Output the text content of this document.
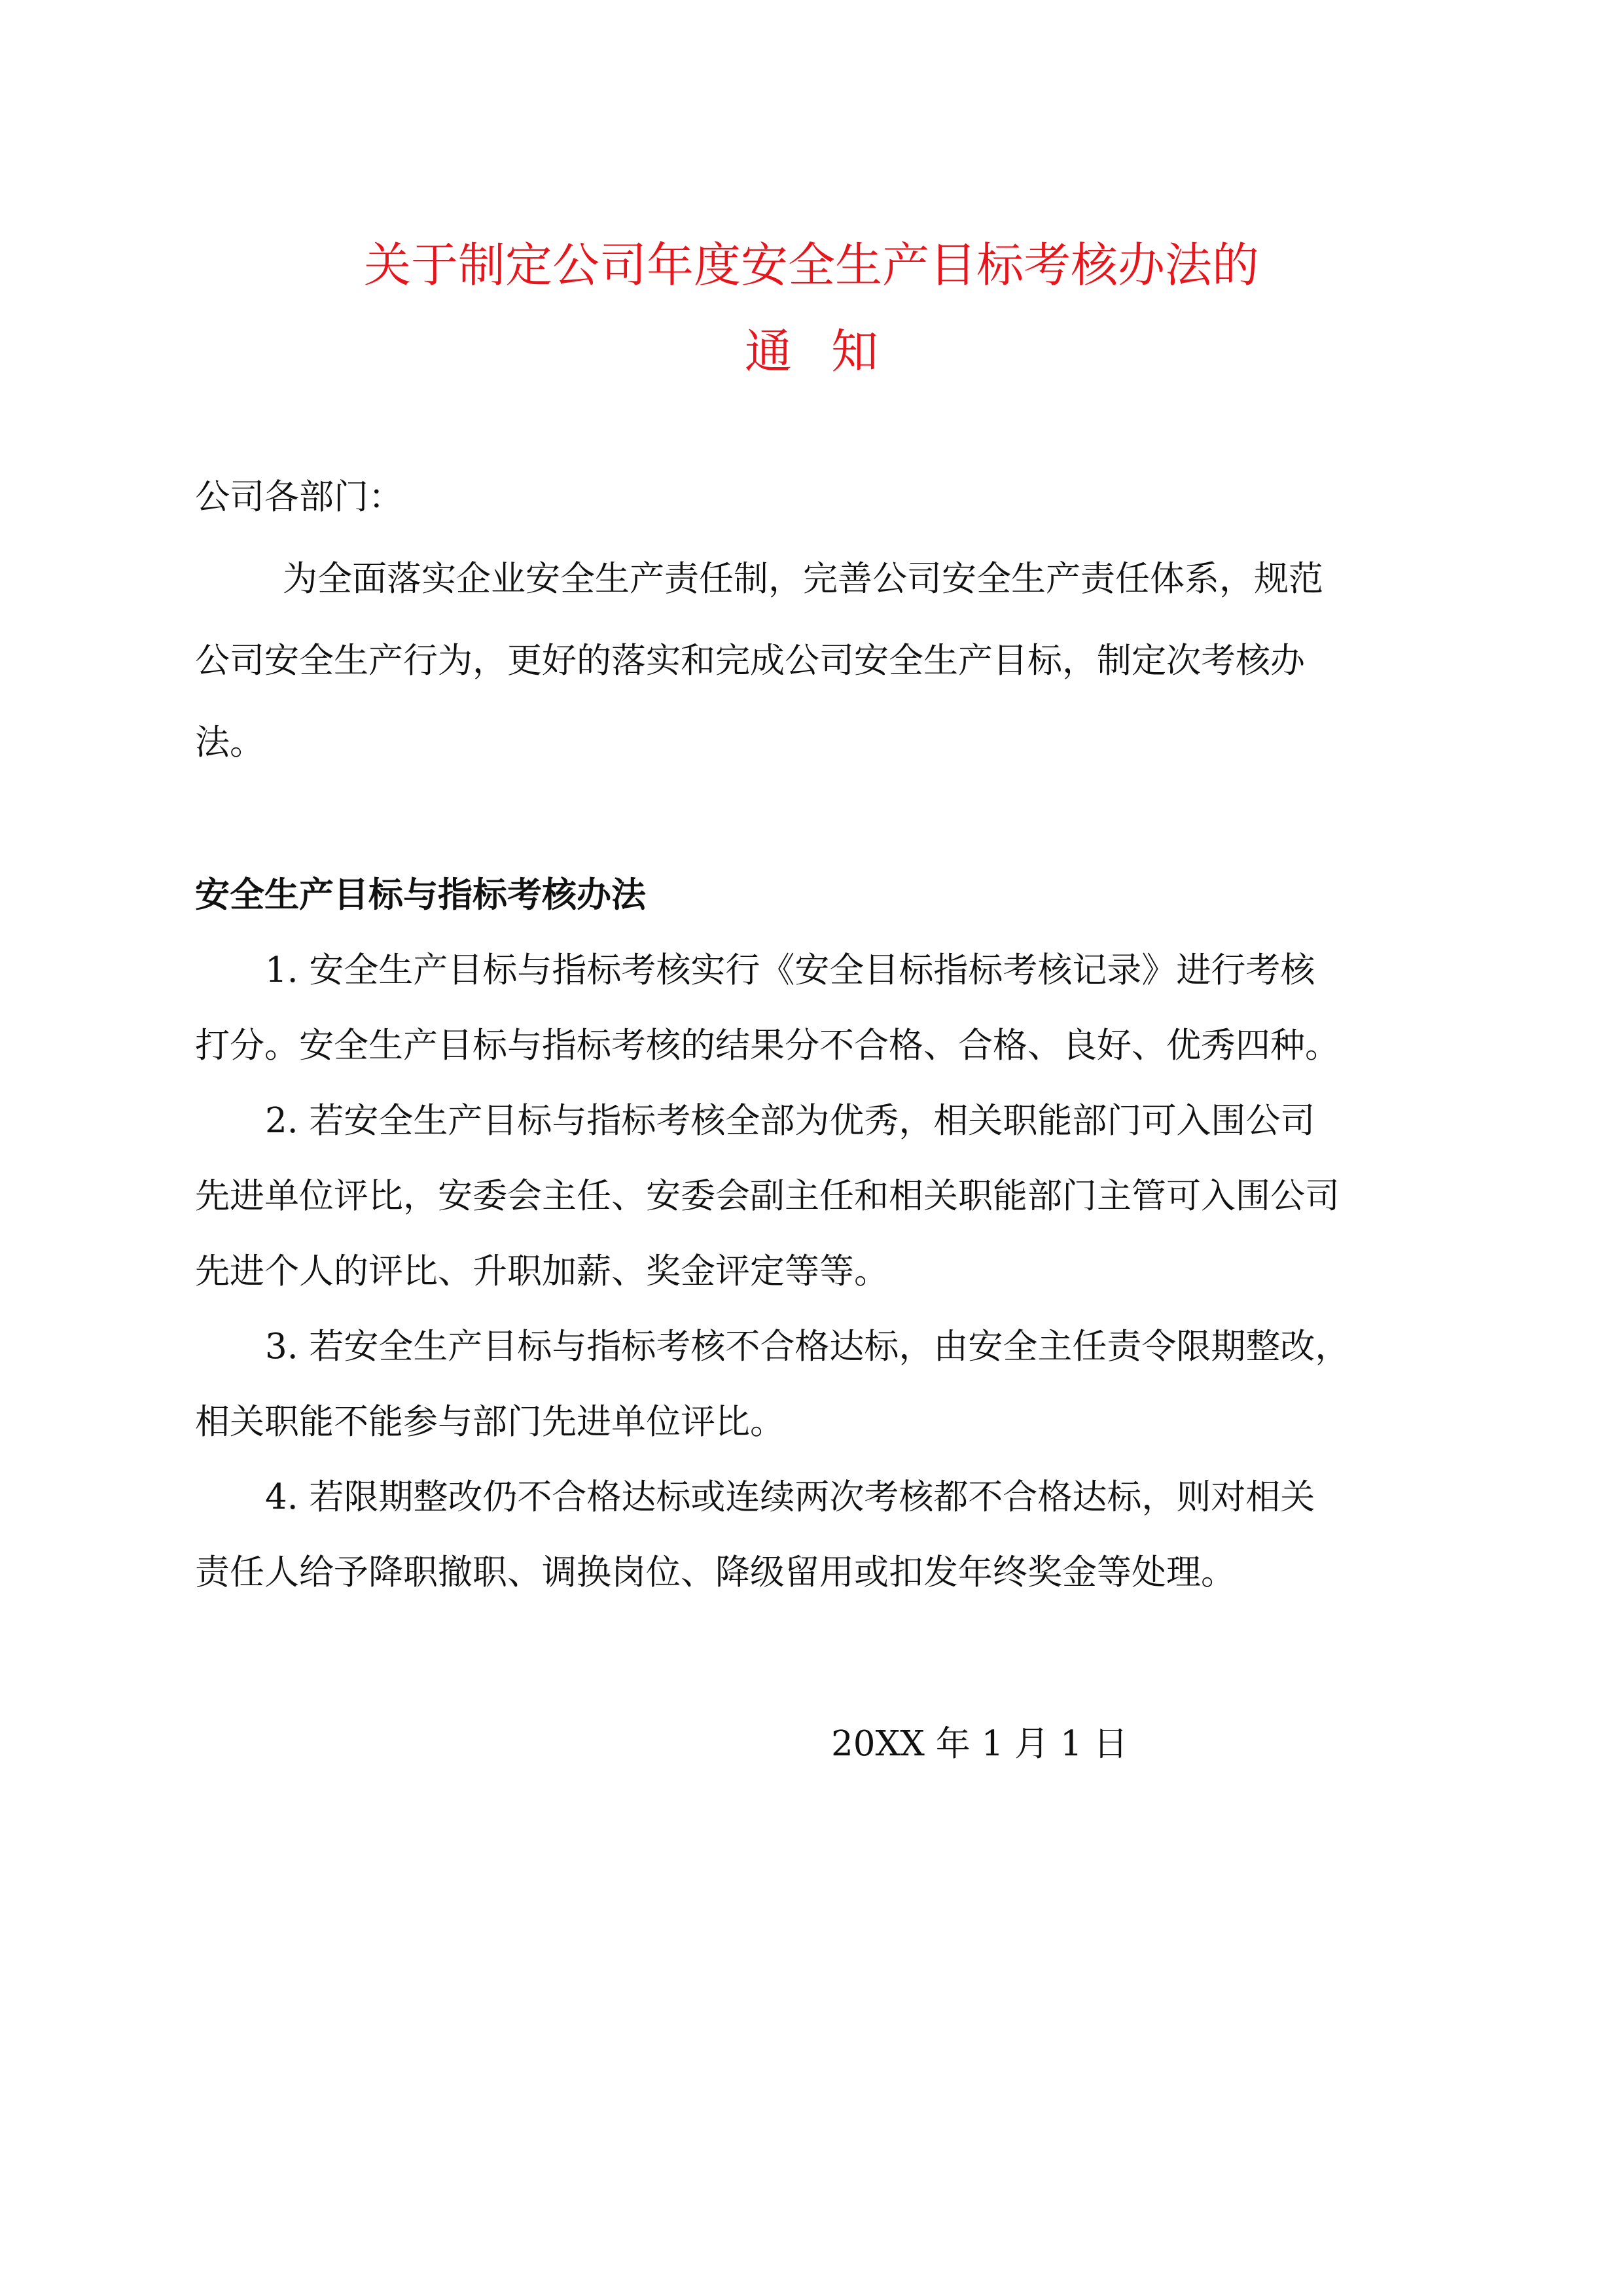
关于制定公司年度安全生产目标考核办法的
通知
公司各部门：
为全面落实企业安全生产责任制，完善公司安全生产责任体系，规范
公司安全生产行为，更好的落实和完成公司安全生产目标，制定次考核办
法。
安全生产目标与指标考核办法
1. 安全生产目标与指标考核实行《安全目标指标考核记录》进行考核
打分。安全生产目标与指标考核的结果分不合格、合格、良好、优秀四种。
2. 若安全生产目标与指标考核全部为优秀，相关职能部门可入围公司
先进单位评比，安委会主任、安委会副主任和相关职能部门主管可入围公司
先进个人的评比、升职加薪、奖金评定等等。
3. 若安全生产目标与指标考核不合格达标，由安全主任责令限期整改，
相关职能不能参与部门先进单位评比。
4. 若限期整改仍不合格达标或连续两次考核都不合格达标，则对相关
责任人给予降职撤职、调换岗位、降级留用或扣发年终奖金等处理。
20XX 年 1 月 1 日
